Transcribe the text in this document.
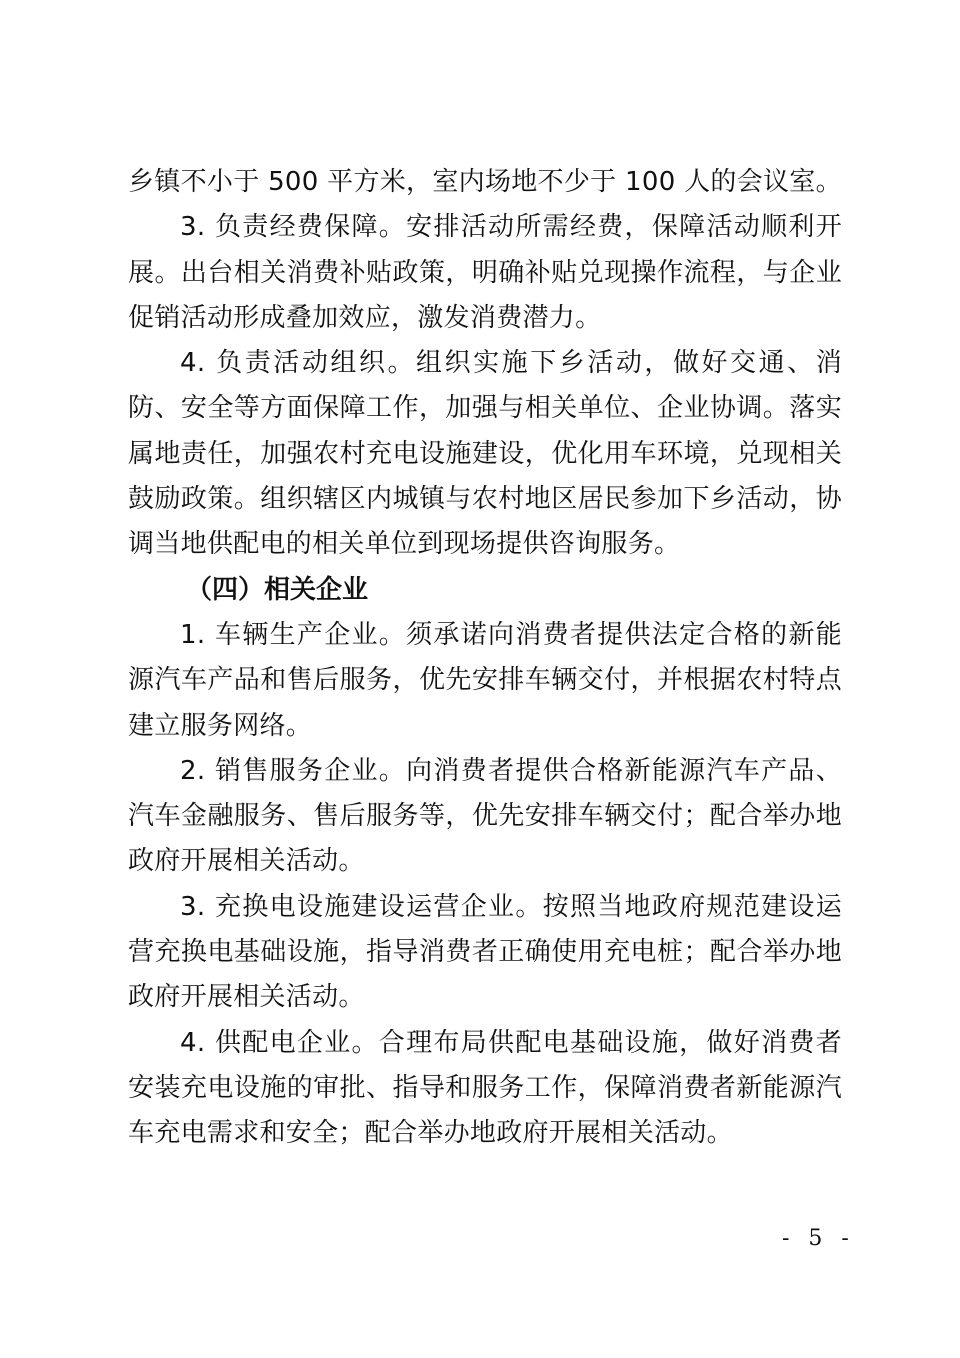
乡镇不小于 500 平方米，室内场地不少于 100 人的会议室。

3. 负责经费保障。安排活动所需经费，保障活动顺利开展。出台相关消费补贴政策，明确补贴兑现操作流程，与企业促销活动形成叠加效应，激发消费潜力。

4. 负责活动组织。组织实施下乡活动，做好交通、消防、安全等方面保障工作，加强与相关单位、企业协调。落实属地责任，加强农村充电设施建设，优化用车环境，兑现相关鼓励政策。组织辖区内城镇与农村地区居民参加下乡活动，协调当地供配电的相关单位到现场提供咨询服务。

（四）相关企业

1. 车辆生产企业。须承诺向消费者提供法定合格的新能源汽车产品和售后服务，优先安排车辆交付，并根据农村特点建立服务网络。

2. 销售服务企业。向消费者提供合格新能源汽车产品、汽车金融服务、售后服务等，优先安排车辆交付；配合举办地政府开展相关活动。

3. 充换电设施建设运营企业。按照当地政府规范建设运营充换电基础设施，指导消费者正确使用充电桩；配合举办地政府开展相关活动。

4. 供配电企业。合理布局供配电基础设施，做好消费者安装充电设施的审批、指导和服务工作，保障消费者新能源汽车充电需求和安全；配合举办地政府开展相关活动。

- 5 -
